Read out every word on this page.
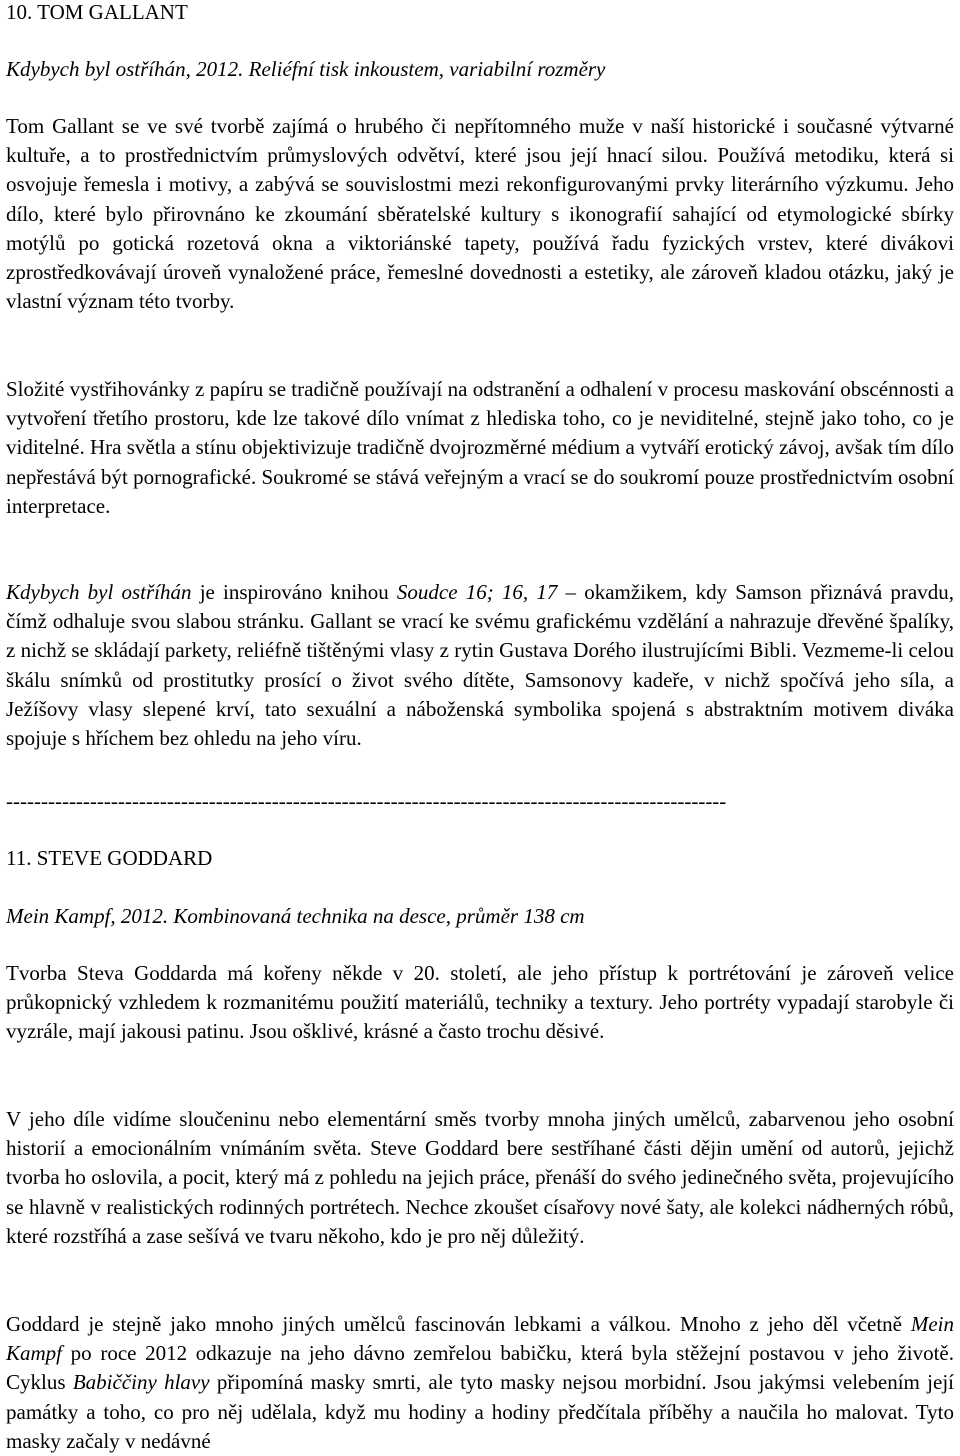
10. TOM GALLANT

Kdybych byl ostříhán, 2012. Reliéfní tisk inkoustem, variabilní rozměry

Tom Gallant se ve své tvorbě zajímá o hrubého či nepřítomného muže v naší historické i současné výtvarné kultuře, a to prostřednictvím průmyslových odvětví, které jsou její hnací silou. Používá metodiku, která si osvojuje řemesla i motivy, a zabývá se souvislostmi mezi rekonfigurovanými prvky literárního výzkumu. Jeho dílo, které bylo přirovnáno ke zkoumání sběratelské kultury s ikonografií sahající od etymologické sbírky motýlů po gotická rozetová okna a viktoriánské tapety, používá řadu fyzických vrstev, které divákovi zprostředkovávají úroveň vynaložené práce, řemeslné dovednosti a estetiky, ale zároveň kladou otázku, jaký je vlastní význam této tvorby.

Složité vystřihovánky z papíru se tradičně používají na odstranění a odhalení v procesu maskování obscénnosti a vytvoření třetího prostoru, kde lze takové dílo vnímat z hlediska toho, co je neviditelné, stejně jako toho, co je viditelné. Hra světla a stínu objektivizuje tradičně dvojrozměrné médium a vytváří erotický závoj, avšak tím dílo nepřestává být pornografické. Soukromé se stává veřejným a vrací se do soukromí pouze prostřednictvím osobní interpretace.

Kdybych byl ostříhán je inspirováno knihou Soudce 16; 16, 17 – okamžikem, kdy Samson přiznává pravdu, čímž odhaluje svou slabou stránku. Gallant se vrací ke svému grafickému vzdělání a nahrazuje dřevěné špalíky, z nichž se skládají parkety, reliéfně tištěnými vlasy z rytin Gustava Dorého ilustrujícími Bibli. Vezmeme-li celou škálu snímků od prostitutky prosící o život svého dítěte, Samsonovy kadeře, v nichž spočívá jeho síla, a Ježíšovy vlasy slepené krví, tato sexuální a náboženská symbolika spojená s abstraktním motivem diváka spojuje s hříchem bez ohledu na jeho víru.

-------------------------------------------------------------------------------------------------------

11. STEVE GODDARD

Mein Kampf, 2012. Kombinovaná technika na desce, průměr 138 cm

Tvorba Steva Goddarda má kořeny někde v 20. století, ale jeho přístup k portrétování je zároveň velice průkopnický vzhledem k rozmanitému použití materiálů, techniky a textury. Jeho portréty vypadají starobyle či vyzrále, mají jakousi patinu. Jsou ošklivé, krásné a často trochu děsivé.

V jeho díle vidíme sloučeninu nebo elementární směs tvorby mnoha jiných umělců, zabarvenou jeho osobní historií a emocionálním vnímáním světa. Steve Goddard bere sestříhané části dějin umění od autorů, jejichž tvorba ho oslovila, a pocit, který má z pohledu na jejich práce, přenáší do svého jedinečného světa, projevujícího se hlavně v realistických rodinných portrétech. Nechce zkoušet císařovy nové šaty, ale kolekci nádherných róbů, které rozstříhá a zase sešívá ve tvaru někoho, kdo je pro něj důležitý.

Goddard je stejně jako mnoho jiných umělců fascinován lebkami a válkou. Mnoho z jeho děl včetně Mein Kampf po roce 2012 odkazuje na jeho dávno zemřelou babičku, která byla stěžejní postavou v jeho životě. Cyklus Babiččiny hlavy připomíná masky smrti, ale tyto masky nejsou morbidní. Jsou jakýmsi velebením její památky a toho, co pro něj udělala, když mu hodiny a hodiny předčítala příběhy a naučila ho malovat. Tyto masky začaly v nedávné
